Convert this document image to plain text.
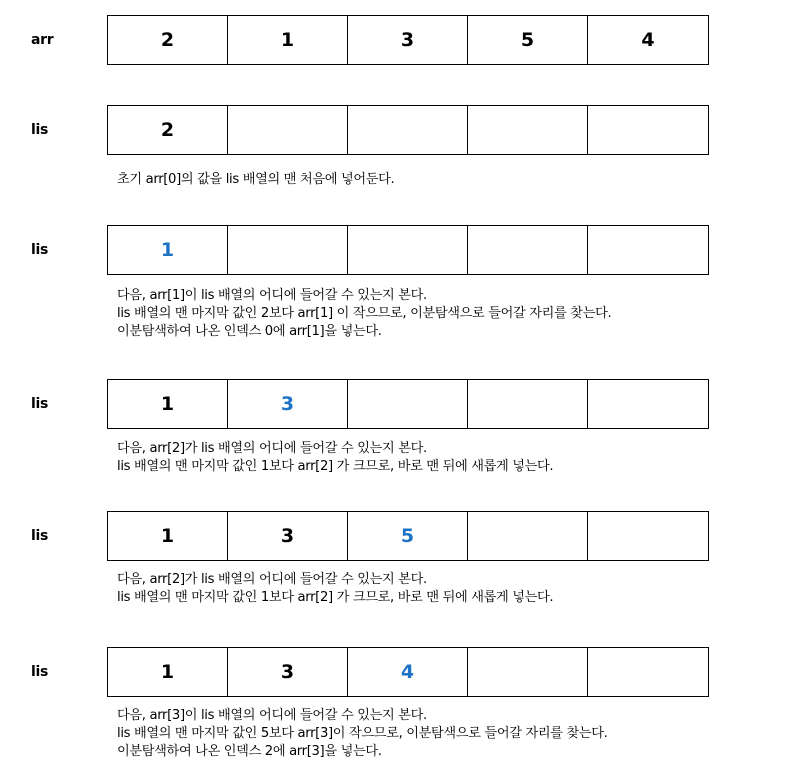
arr	2	1	3	5	4
lis	2
초기 arr[0]의 값을 lis 배열의 맨 처음에 넣어둔다.
lis	1
다음, arr[1]이 lis 배열의 어디에 들어갈 수 있는지 본다.
lis 배열의 맨 마지막 값인 2보다 arr[1] 이 작으므로, 이분탐색으로 들어갈 자리를 찾는다.
이분탐색하여 나온 인덱스 0에 arr[1]을 넣는다.
lis	1	3
다음, arr[2]가 lis 배열의 어디에 들어갈 수 있는지 본다.
lis 배열의 맨 마지막 값인 1보다 arr[2] 가 크므로, 바로 맨 뒤에 새롭게 넣는다.
lis	1	3	5
다음, arr[2]가 lis 배열의 어디에 들어갈 수 있는지 본다.
lis 배열의 맨 마지막 값인 1보다 arr[2] 가 크므로, 바로 맨 뒤에 새롭게 넣는다.
lis	1	3	4
다음, arr[3]이 lis 배열의 어디에 들어갈 수 있는지 본다.
lis 배열의 맨 마지막 값인 5보다 arr[3]이 작으므로, 이분탐색으로 들어갈 자리를 찾는다.
이분탐색하여 나온 인덱스 2에 arr[3]을 넣는다.
